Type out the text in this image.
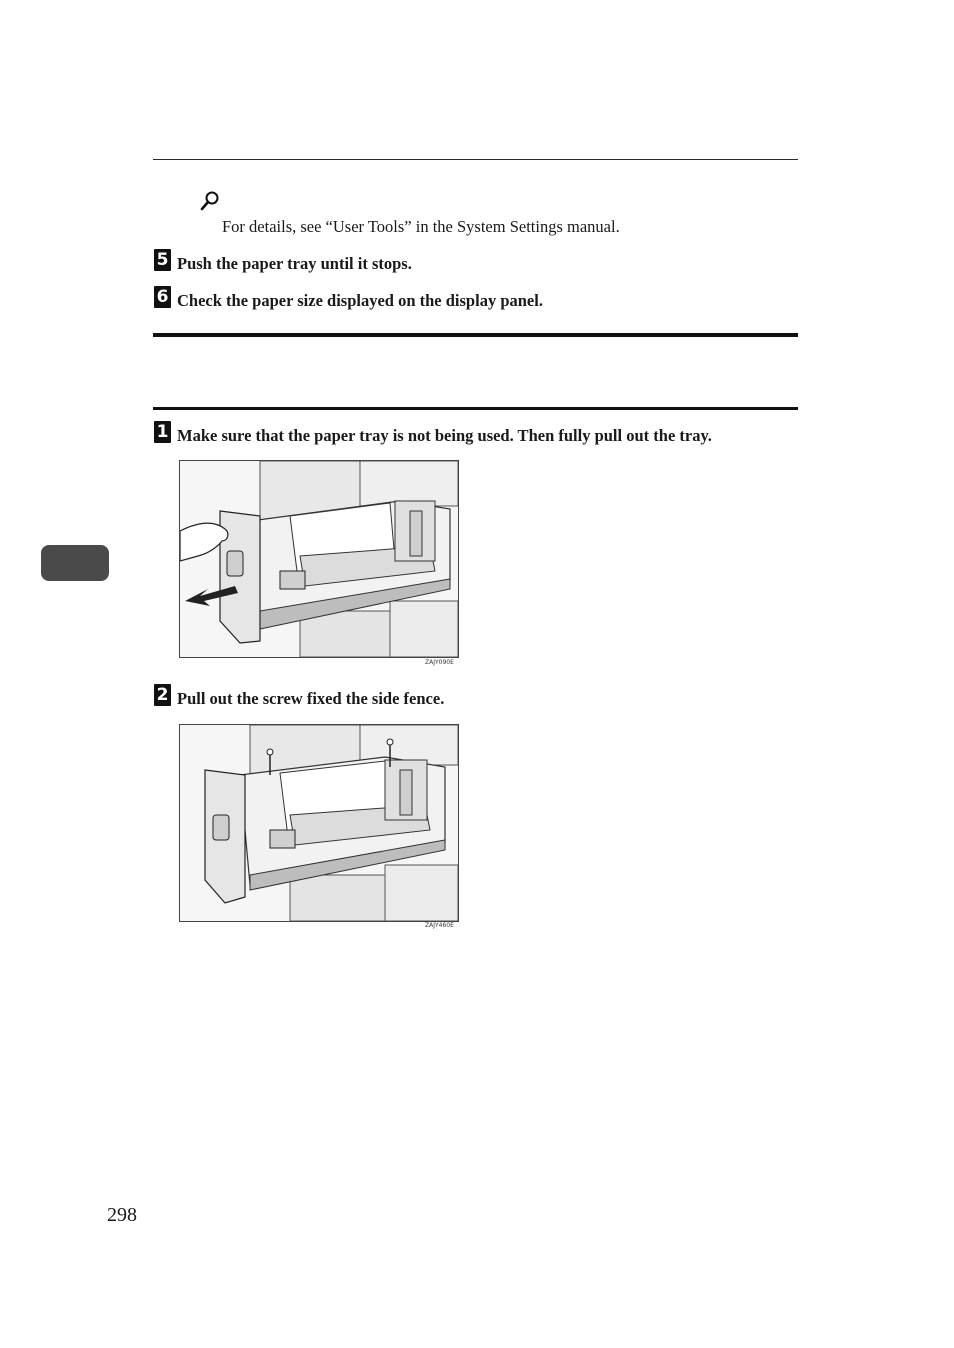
For details, see “User Tools” in the System Settings manual.
5 Push the paper tray until it stops.
6 Check the paper size displayed on the display panel.
1 Make sure that the paper tray is not being used. Then fully pull out the tray.
ZAJY090E
2 Pull out the screw fixed the side fence.
ZAJY460E
298
